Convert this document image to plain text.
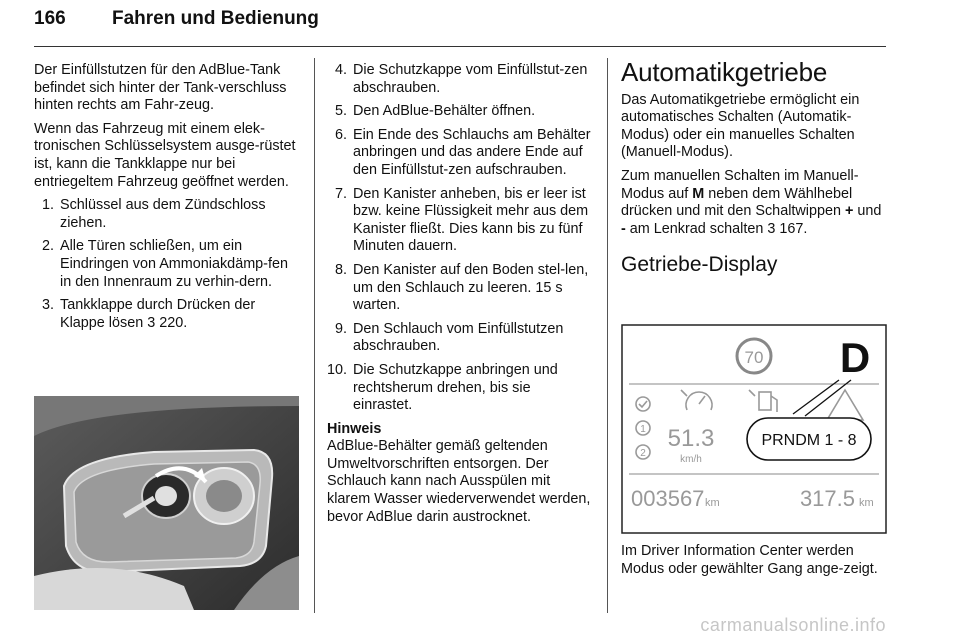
166 Fahren und Bedienung

Der Einfüllstutzen für den AdBlue-Tank befindet sich hinter der Tank-verschluss hinten rechts am Fahr-zeug.

Wenn das Fahrzeug mit einem elek-tronischen Schlüsselsystem ausge-rüstet ist, kann die Tankklappe nur bei entriegeltem Fahrzeug geöffnet werden.

1. Schlüssel aus dem Zündschloss ziehen.
2. Alle Türen schließen, um ein Eindringen von Ammoniakdämp-fen in den Innenraum zu verhin-dern.
3. Tankklappe durch Drücken der Klappe lösen 3 220.
4. Die Schutzkappe vom Einfüllstut-zen abschrauben.
5. Den AdBlue-Behälter öffnen.
6. Ein Ende des Schlauchs am Behälter anbringen und das andere Ende auf den Einfüllstut-zen aufschrauben.
7. Den Kanister anheben, bis er leer ist bzw. keine Flüssigkeit mehr aus dem Kanister fließt. Dies kann bis zu fünf Minuten dauern.
8. Den Kanister auf den Boden stel-len, um den Schlauch zu leeren. 15 s warten.
9. Den Schlauch vom Einfüllstutzen abschrauben.
10. Die Schutzkappe anbringen und rechtsherum drehen, bis sie einrastet.
Hinweis
AdBlue-Behälter gemäß geltenden Umweltvorschriften entsorgen. Der Schlauch kann nach Ausspülen mit klarem Wasser wiederverwendet werden, bevor AdBlue darin austrocknet.
Automatikgetriebe

Das Automatikgetriebe ermöglicht ein automatisches Schalten (Automatik-Modus) oder ein manuelles Schalten (Manuell-Modus).

Zum manuellen Schalten im Manuell-Modus auf M neben dem Wählhebel drücken und mit den Schaltwippen + und - am Lenkrad schalten 3 167.

Getriebe-Display
70 D
1
2
51.3
km/h
PRNDM 1 - 8
003567 km	317.5 km

Im Driver Information Center werden Modus oder gewählter Gang ange-zeigt.

carmanualsonline.info
